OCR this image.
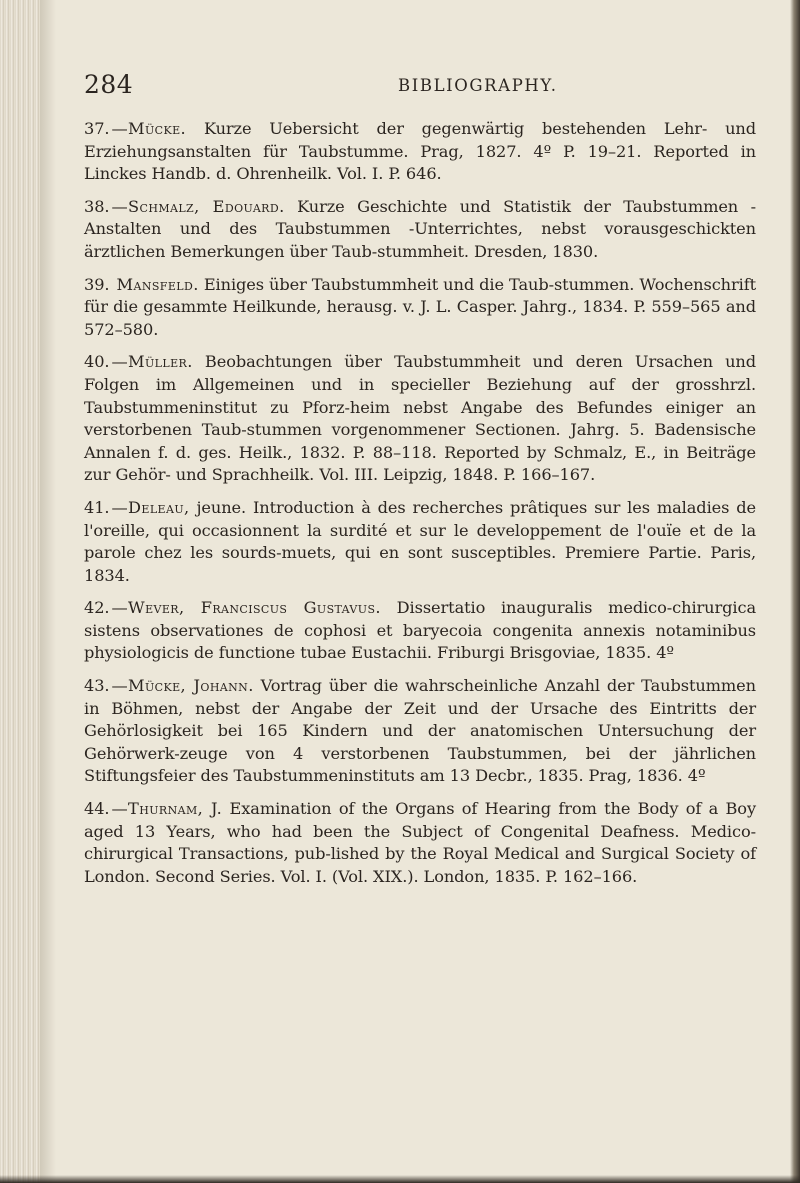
284	BIBLIOGRAPHY.

37. —Mücke. Kurze Uebersicht der gegenwärtig bestehenden Lehr- und Erziehungsanstalten für Taubstumme. Prag, 1827. 4º P. 19–21. Reported in Linckes Handb. d. Ohrenheilk. Vol. I. P. 646.

38. —Schmalz, Edouard. Kurze Geschichte und Statistik der Taubstummen - Anstalten und des Taubstummen -Unterrichtes, nebst vorausgeschickten ärztlichen Bemerkungen über Taub-stummheit. Dresden, 1830.

39. Mansfeld. Einiges über Taubstummheit und die Taub-stummen. Wochenschrift für die gesammte Heilkunde, herausg. v. J. L. Casper. Jahrg., 1834. P. 559–565 and 572–580.

40. —Müller. Beobachtungen über Taubstummheit und deren Ursachen und Folgen im Allgemeinen und in specieller Beziehung auf der grosshrzl. Taubstummeninstitut zu Pforz-heim nebst Angabe des Befundes einiger an verstorbenen Taub-stummen vorgenommener Sectionen. Jahrg. 5. Badensische Annalen f. d. ges. Heilk., 1832. P. 88–118. Reported by Schmalz, E., in Beiträge zur Gehör- und Sprachheilk. Vol. III. Leipzig, 1848. P. 166–167.

41. —Deleau, jeune. Introduction à des recherches prâtiques sur les maladies de l'oreille, qui occasionnent la surdité et sur le developpement de l'ouïe et de la parole chez les sourds-muets, qui en sont susceptibles. Premiere Partie. Paris, 1834.

42. —Wever, Franciscus Gustavus. Dissertatio inauguralis medico-chirurgica sistens observationes de cophosi et baryecoia congenita annexis notaminibus physiologicis de functione tubae Eustachii. Friburgi Brisgoviae, 1835. 4º

43. —Mücke, Johann. Vortrag über die wahrscheinliche Anzahl der Taubstummen in Böhmen, nebst der Angabe der Zeit und der Ursache des Eintritts der Gehörlosigkeit bei 165 Kindern und der anatomischen Untersuchung der Gehörwerk-zeuge von 4 verstorbenen Taubstummen, bei der jährlichen Stiftungsfeier des Taubstummeninstituts am 13 Decbr., 1835. Prag, 1836. 4º

44. —Thurnam, J. Examination of the Organs of Hearing from the Body of a Boy aged 13 Years, who had been the Subject of Congenital Deafness. Medico-chirurgical Transactions, pub-lished by the Royal Medical and Surgical Society of London. Second Series. Vol. I. (Vol. XIX.). London, 1835. P. 162–166.
